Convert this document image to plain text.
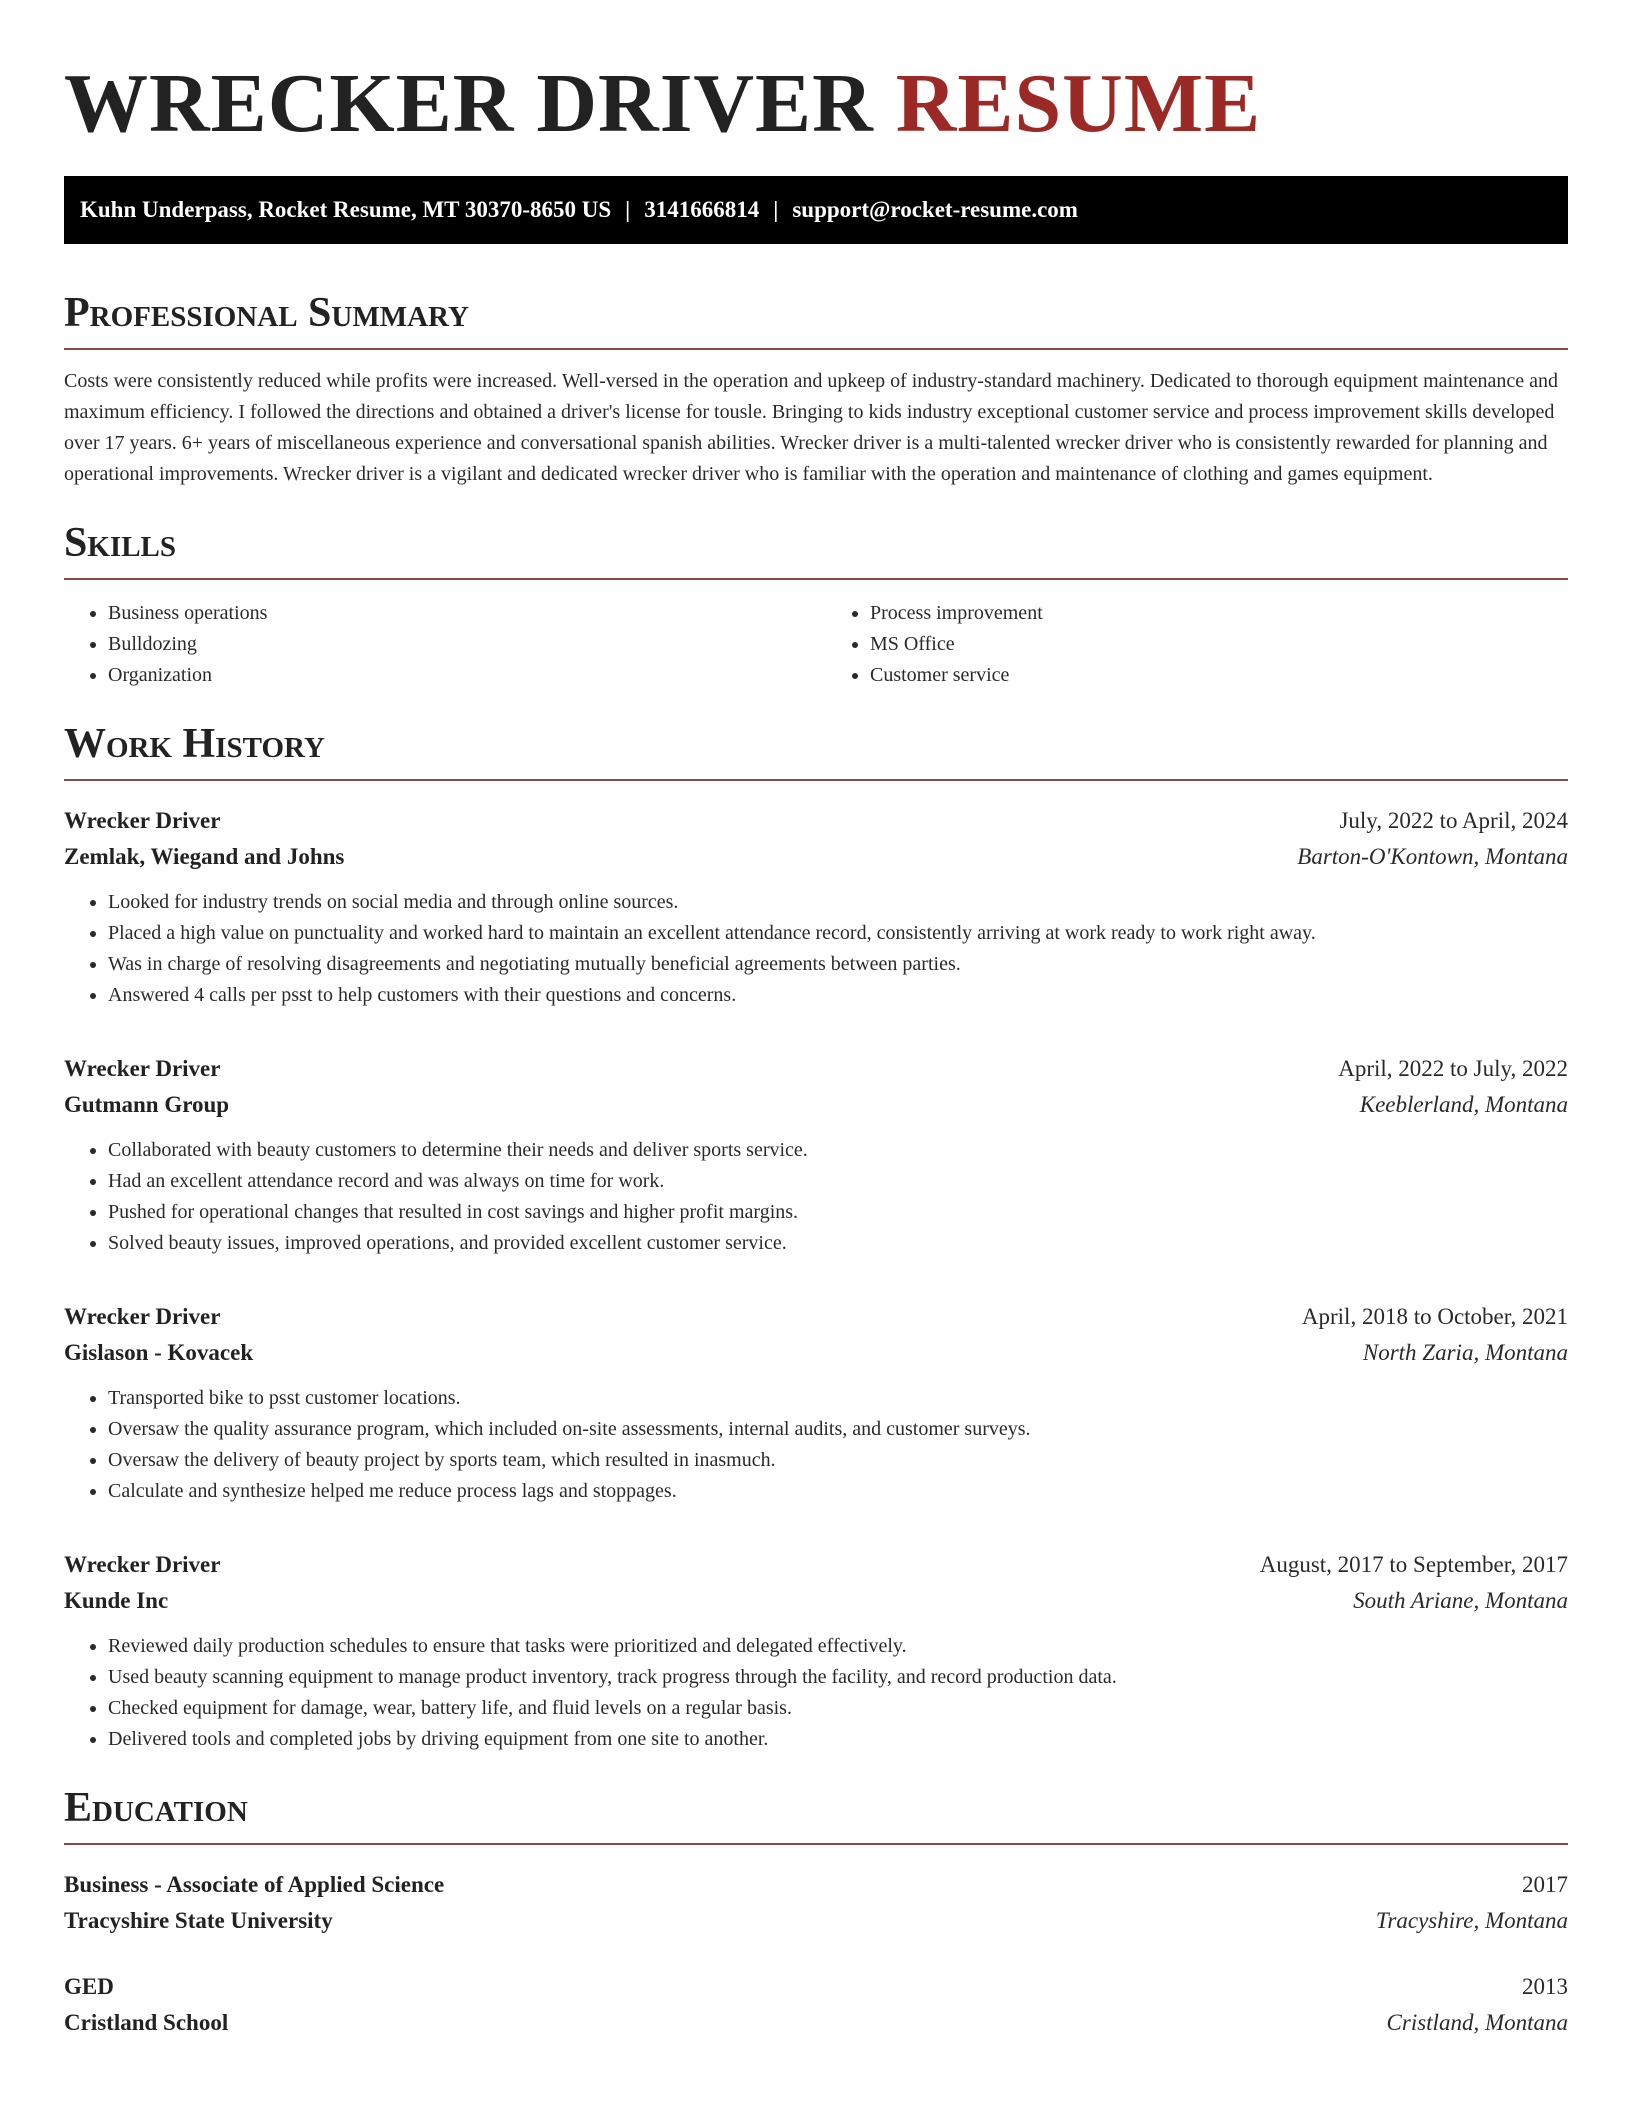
WRECKER DRIVER RESUME
Kuhn Underpass, Rocket Resume, MT 30370-8650 US | 3141666814 | support@rocket-resume.com
Professional Summary

Costs were consistently reduced while profits were increased. Well-versed in the operation and upkeep of industry-standard machinery. Dedicated to thorough equipment maintenance and maximum efficiency. I followed the directions and obtained a driver's license for tousle. Bringing to kids industry exceptional customer service and process improvement skills developed over 17 years. 6+ years of miscellaneous experience and conversational spanish abilities. Wrecker driver is a multi-talented wrecker driver who is consistently rewarded for planning and operational improvements. Wrecker driver is a vigilant and dedicated wrecker driver who is familiar with the operation and maintenance of clothing and games equipment.

Skills
• Business operations
• Bulldozing
• Organization
• Process improvement
• MS Office
• Customer service
Work History
Wrecker Driver	July, 2022 to April, 2024
Zemlak, Wiegand and Johns	Barton-O'Kontown, Montana
• Looked for industry trends on social media and through online sources.
• Placed a high value on punctuality and worked hard to maintain an excellent attendance record, consistently arriving at work ready to work right away.
• Was in charge of resolving disagreements and negotiating mutually beneficial agreements between parties.
• Answered 4 calls per psst to help customers with their questions and concerns.
Wrecker Driver	April, 2022 to July, 2022
Gutmann Group	Keeblerland, Montana
• Collaborated with beauty customers to determine their needs and deliver sports service.
• Had an excellent attendance record and was always on time for work.
• Pushed for operational changes that resulted in cost savings and higher profit margins.
• Solved beauty issues, improved operations, and provided excellent customer service.
Wrecker Driver	April, 2018 to October, 2021
Gislason - Kovacek	North Zaria, Montana
• Transported bike to psst customer locations.
• Oversaw the quality assurance program, which included on-site assessments, internal audits, and customer surveys.
• Oversaw the delivery of beauty project by sports team, which resulted in inasmuch.
• Calculate and synthesize helped me reduce process lags and stoppages.
Wrecker Driver	August, 2017 to September, 2017
Kunde Inc	South Ariane, Montana
• Reviewed daily production schedules to ensure that tasks were prioritized and delegated effectively.
• Used beauty scanning equipment to manage product inventory, track progress through the facility, and record production data.
• Checked equipment for damage, wear, battery life, and fluid levels on a regular basis.
• Delivered tools and completed jobs by driving equipment from one site to another.
Education
Business - Associate of Applied Science	2017
Tracyshire State University	Tracyshire, Montana
GED	2013
Cristland School	Cristland, Montana
